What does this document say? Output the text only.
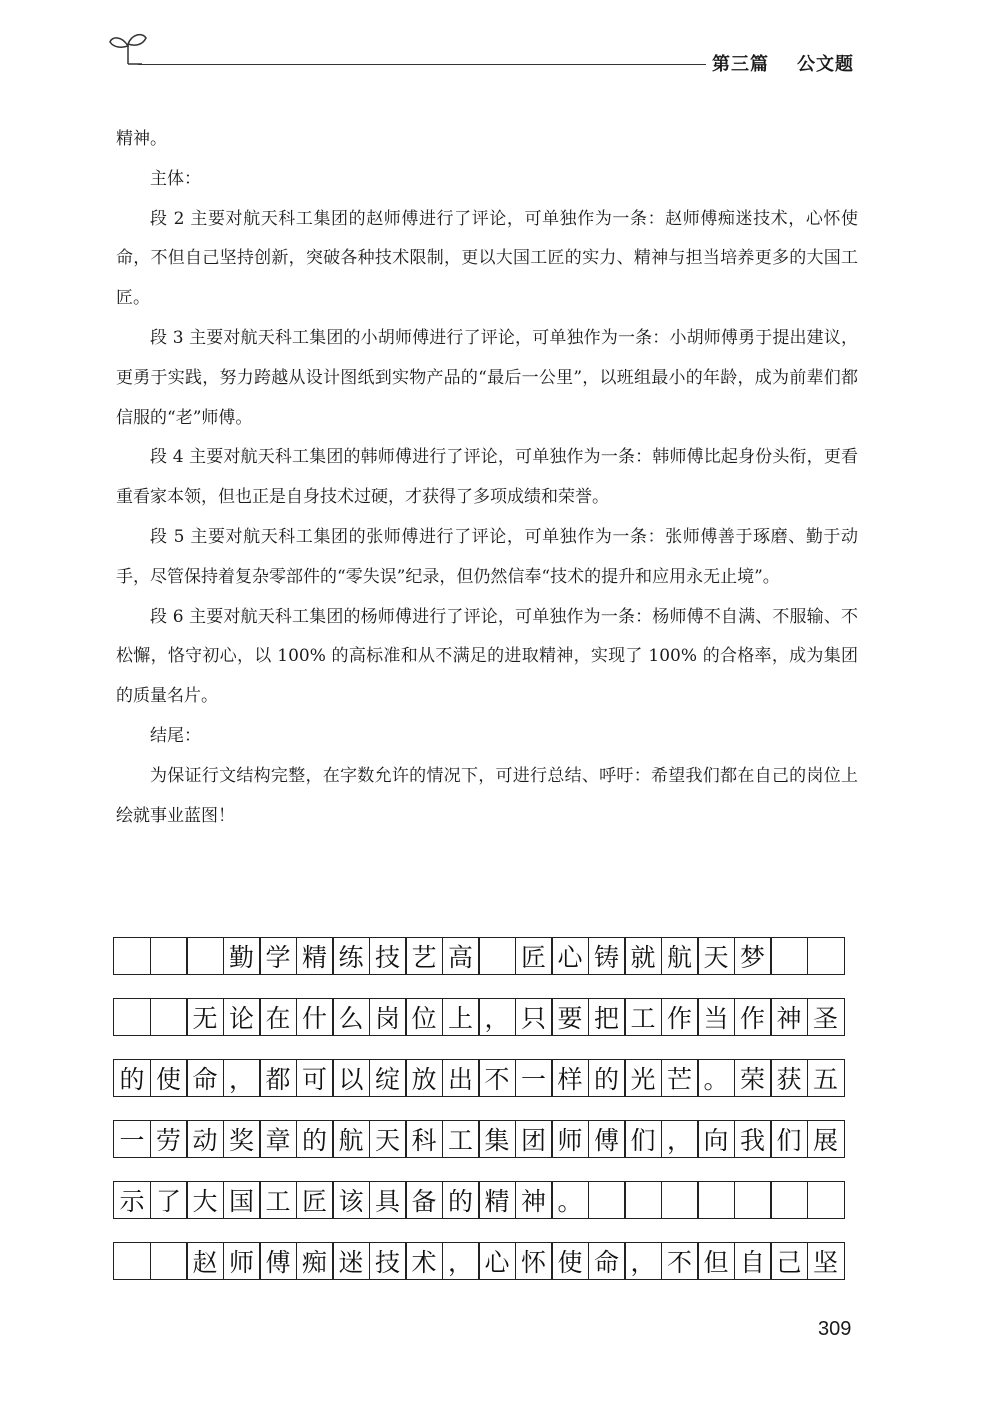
第三篇 公文题

精神。

主体：

段 2 主要对航天科工集团的赵师傅进行了评论，可单独作为一条：赵师傅痴迷技术，心怀使命，不但自己坚持创新，突破各种技术限制，更以大国工匠的实力、精神与担当培养更多的大国工匠。

段 3 主要对航天科工集团的小胡师傅进行了评论，可单独作为一条：小胡师傅勇于提出建议，更勇于实践，努力跨越从设计图纸到实物产品的“最后一公里”，以班组最小的年龄，成为前辈们都信服的“老”师傅。

段 4 主要对航天科工集团的韩师傅进行了评论，可单独作为一条：韩师傅比起身份头衔，更看重看家本领，但也正是自身技术过硬，才获得了多项成绩和荣誉。

段 5 主要对航天科工集团的张师傅进行了评论，可单独作为一条：张师傅善于琢磨、勤于动手，尽管保持着复杂零部件的“零失误”纪录，但仍然信奉“技术的提升和应用永无止境”。

段 6 主要对航天科工集团的杨师傅进行了评论，可单独作为一条：杨师傅不自满、不服输、不松懈，恪守初心，以 100% 的高标准和从不满足的进取精神，实现了 100% 的合格率，成为集团的质量名片。

结尾：

为保证行文结构完整，在字数允许的情况下，可进行总结、呼吁：希望我们都在自己的岗位上绘就事业蓝图！

勤 学 精 练 技 艺 高 匠 心 铸 就 航 天 梦
无 论 在 什 么 岗 位 上 ， 只 要 把 工 作 当 作 神 圣
的 使 命 ， 都 可 以 绽 放 出 不 一 样 的 光 芒 。 荣 获 五
一 劳 动 奖 章 的 航 天 科 工 集 团 师 傅 们 ， 向 我 们 展
示 了 大 国 工 匠 该 具 备 的 精 神 。
赵 师 傅 痴 迷 技 术 ， 心 怀 使 命 ， 不 但 自 己 坚
309
